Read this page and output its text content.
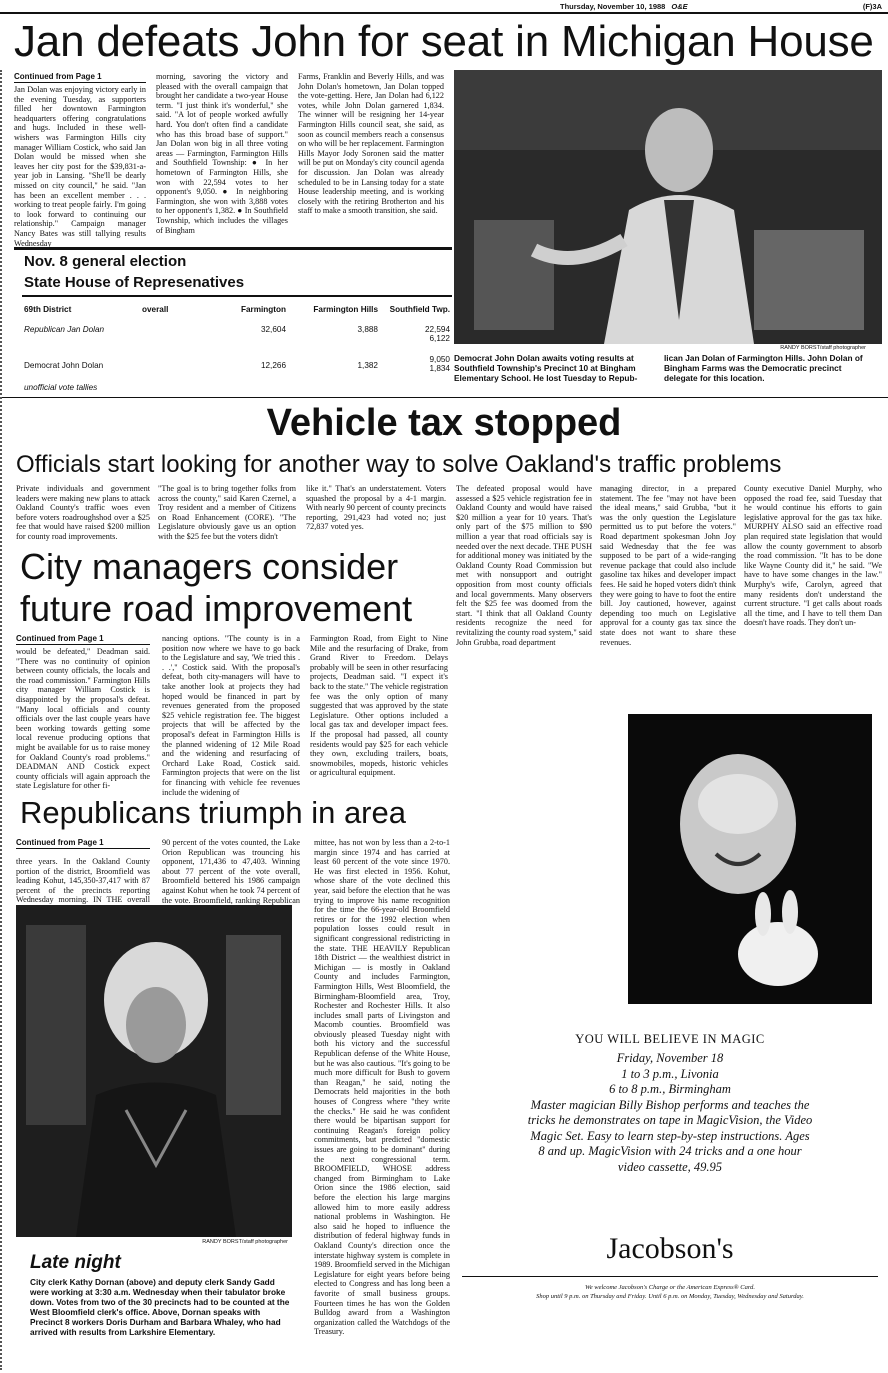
Thursday, November 10, 1988 O&E	(F)3A
Jan defeats John for seat in Michigan House
Continued from Page 1

Jan Dolan was enjoying victory early in the evening Tuesday, as supporters filled her downtown Farmington headquarters offering congratulations and hugs. Included in these well-wishers was Farmington Hills city manager William Costick, who said Jan Dolan would be missed when she leaves her city post for the $39,831-a-year job in Lansing. "She'll be dearly missed on city council," he said. "Jan has been an excellent member . . . working to treat people fairly. I'm going to look forward to continuing our relationship." Campaign manager Nancy Bates was still tallying results Wednesday

morning, savoring the victory and pleased with the overall campaign that brought her candidate a two-year House term. "I just think it's wonderful," she said. "A lot of people worked awfully hard. You don't often find a candidate who has this broad base of support." Jan Dolan won big in all three voting areas — Farmington, Farmington Hills and Southfield Township: ● In her hometown of Farmington Hills, she won with 22,594 votes to her opponent's 9,050. ● In neighboring Farmington, she won with 3,888 votes to her opponent's 1,382. ● In Southfield Township, which includes the villages of Bingham

Farms, Franklin and Beverly Hills, and was John Dolan's hometown, Jan Dolan topped the vote-getting. Here, Jan Dolan had 6,122 votes, while John Dolan garnered 1,834. The winner will be resigning her 14-year Farmington Hills council seat, she said, as soon as council members reach a consensus on who will be her replacement. Farmington Hills Mayor Jody Soronen said the matter will be put on Monday's city council agenda for discussion. Jan Dolan was already scheduled to be in Lansing today for a state House leadership meeting, and is working closely with the retiring Brotherton and his staff to make a smooth transition, she said.

Nov. 8 general election
State House of Represenatives
69th District	overall	Farmington	Farmington Hills	Southfield Twp.
Republican Jan Dolan		32,604	3,888	22,594
6,122
Democrat John Dolan		12,266	1,382	9,050
1,834
unofficial vote tallies
RANDY BORST/staff photographer
Democrat John Dolan awaits voting results at Southfield Township's Precinct 10 at Bingham Elementary School. He lost Tuesday to Repub-
lican Jan Dolan of Farmington Hills. John Dolan of Bingham Farms was the Democratic precinct delegate for this location.
Vehicle tax stopped
Officials start looking for another way to solve Oakland's traffic problems

Private individuals and government leaders were making new plans to attack Oakland County's traffic woes even before voters roadroughshod over a $25 fee that would have raised $200 million for county road improvements.

"The goal is to bring together folks from across the county," said Karen Czernel, a Troy resident and a member of Citizens on Road Enhancement (CORE). "The Legislature obviously gave us an option with the $25 fee but the voters didn't

like it." That's an understatement. Voters squashed the proposal by a 4-1 margin. With nearly 90 percent of county precincts reporting, 291,423 had voted no; just 72,837 voted yes.

The defeated proposal would have assessed a $25 vehicle registration fee in Oakland County and would have raised $20 million a year for 10 years. That's only part of the $75 million to $90 million a year that road officials say is needed over the next decade. THE PUSH for additional money was initiated by the Oakland County Road Commission but met with nonsupport and outright opposition from most county officials and local governments. Many observers felt the $25 fee was doomed from the start. "I think that all Oakland County residents recognize the need for revitalizing the county road system," said John Grubba, road department

managing director, in a prepared statement. The fee "may not have been the ideal means," said Grubba, "but it was the only question the Legislature permitted us to put before the voters." Road department spokesman John Joy said Wednesday that the fee was supposed to be part of a wide-ranging revenue package that could also include gasoline tax hikes and developer impact fees. He said he hoped voters didn't think they were going to have to foot the entire bill. Joy cautioned, however, against depending too much on Legislative approval for a county gas tax since the state does not want to share these revenues.

County executive Daniel Murphy, who opposed the road fee, said Tuesday that he would continue his efforts to gain legislative approval for the gas tax hike. MURPHY ALSO said an effective road plan required state legislation that would allow the county government to absorb the road commission. "It has to be done like Wayne County did it," he said. "We have to have some changes in the law." Murphy's wife, Carolyn, agreed that many residents don't understand the current structure. "I get calls about roads all the time, and I have to tell them Dan doesn't have roads. They don't un-

City managers consider
future road improvement
Continued from Page 1

would be defeated," Deadman said. "There was no continuity of opinion between county officials, the locals and the road commission." Farmington Hills city manager William Costick is disappointed by the proposal's defeat. "Many local officials and county officials over the last couple years have been working towards getting some local revenue producing options that might be available for us to raise money for Oakland County's road problems." DEADMAN AND Costick expect county officials will again approach the state Legislature for other fi-

nancing options. "The county is in a position now where we have to go back to the Legislature and say, 'We tried this . . .'," Costick said. With the proposal's defeat, both city-managers will have to take another look at projects they had hoped would be financed in part by revenues generated from the proposed $25 vehicle registration fee. The biggest projects that will be affected by the proposal's defeat in Farmington Hills is the planned widening of 12 Mile Road and the widening and resurfacing of Orchard Lake Road, Costick said. Farmington projects that were on the list for financing with vehicle fee revenues include the widening of

Farmington Road, from Eight to Nine Mile and the resurfacing of Drake, from Grand River to Freedom. Delays probably will be seen in other resurfacing projects, Deadman said. "I expect it's back to the state." The vehicle registration fee was the only option of many suggested that was approved by the state Legislature. Other options included a local gas tax and developer impact fees. If the proposal had passed, all county residents would pay $25 for each vehicle they own, excluding trailers, boats, snowmobiles, mopeds, historic vehicles or agricultural equipment.

Republicans triumph in area
Continued from Page 1

three years. In the Oakland County portion of the district, Broomfield was leading Kohut, 145,350-37,417 with 87 percent of the precincts reporting Wednesday morning. IN THE overall

90 percent of the votes counted, the Lake Orion Republican was trouncing his opponent, 171,436 to 47,403. Winning about 77 percent of the vote overall, Broomfield bettered his 1986 campaign against Kohut when he took 74 percent of the vote. Broomfield, ranking Republican

mittee, has not won by less than a 2-to-1 margin since 1974 and has carried at least 60 percent of the vote since 1970. He was first elected in 1956. Kohut, whose share of the vote declined this year, said before the election that he was trying to improve his name recognition for the time the 66-year-old Broomfield retires or for the 1992 election when population losses could result in significant congressional redistricting in the state. THE HEAVILY Republican 18th District — the wealthiest district in Michigan — is mostly in Oakland County and includes Farmington, Farmington Hills, West Bloomfield, the Birmingham-Bloomfield area, Troy, Rochester and Rochester Hills. It also includes small parts of Livingston and Macomb counties. Broomfield was obviously pleased Tuesday night with both his victory and the successful Republican defense of the White House, but he was also cautious. "It's going to be much more difficult for Bush to govern than Reagan," he said, noting the Democrats held majorities in the both houses of Congress where "they write the checks." He said he was confident there would be bipartisan support for continuing Reagan's foreign policy commitments, but predicted "domestic issues are going to be dominant" during the next congressional term. BROOMFIELD, WHOSE address changed from Birmingham to Lake Orion since the 1986 election, said before the election his large margins allowed him to more easily address national problems in Washington. He also said he hoped to influence the distribution of federal highway funds in Oakland County's direction once the interstate highway system is complete in 1989. Broomfield served in the Michigan Legislature for eight years before being elected to Congress and has long been a favorite of small business groups. Fourteen times he has won the Golden Bulldog award from a Washington organization called the Watchdogs of the Treasury.

RANDY BORST/staff photographer
Late night
City clerk Kathy Dornan (above) and deputy clerk Sandy Gadd were working at 3:30 a.m. Wednesday when their tabulator broke down. Votes from two of the 30 precincts had to be counted at the West Bloomfield clerk's office. Above, Dornan speaks with Precinct 8 workers Doris Durham and Barbara Whaley, who had arrived with results from Larkshire Elementary.
YOU WILL BELIEVE IN MAGIC
Friday, November 18
1 to 3 p.m., Livonia
6 to 8 p.m., Birmingham
Master magician Billy Bishop performs and teaches the tricks he demonstrates on tape in MagicVision, the Video Magic Set. Easy to learn step-by-step instructions. Ages 8 and up. MagicVision with 24 tricks and a one hour video cassette, 49.95
Jacobson's
We welcome Jacobson's Charge or the American Express® Card.
Shop until 9 p.m. on Thursday and Friday. Until 6 p.m. on Monday, Tuesday, Wednesday and Saturday.
